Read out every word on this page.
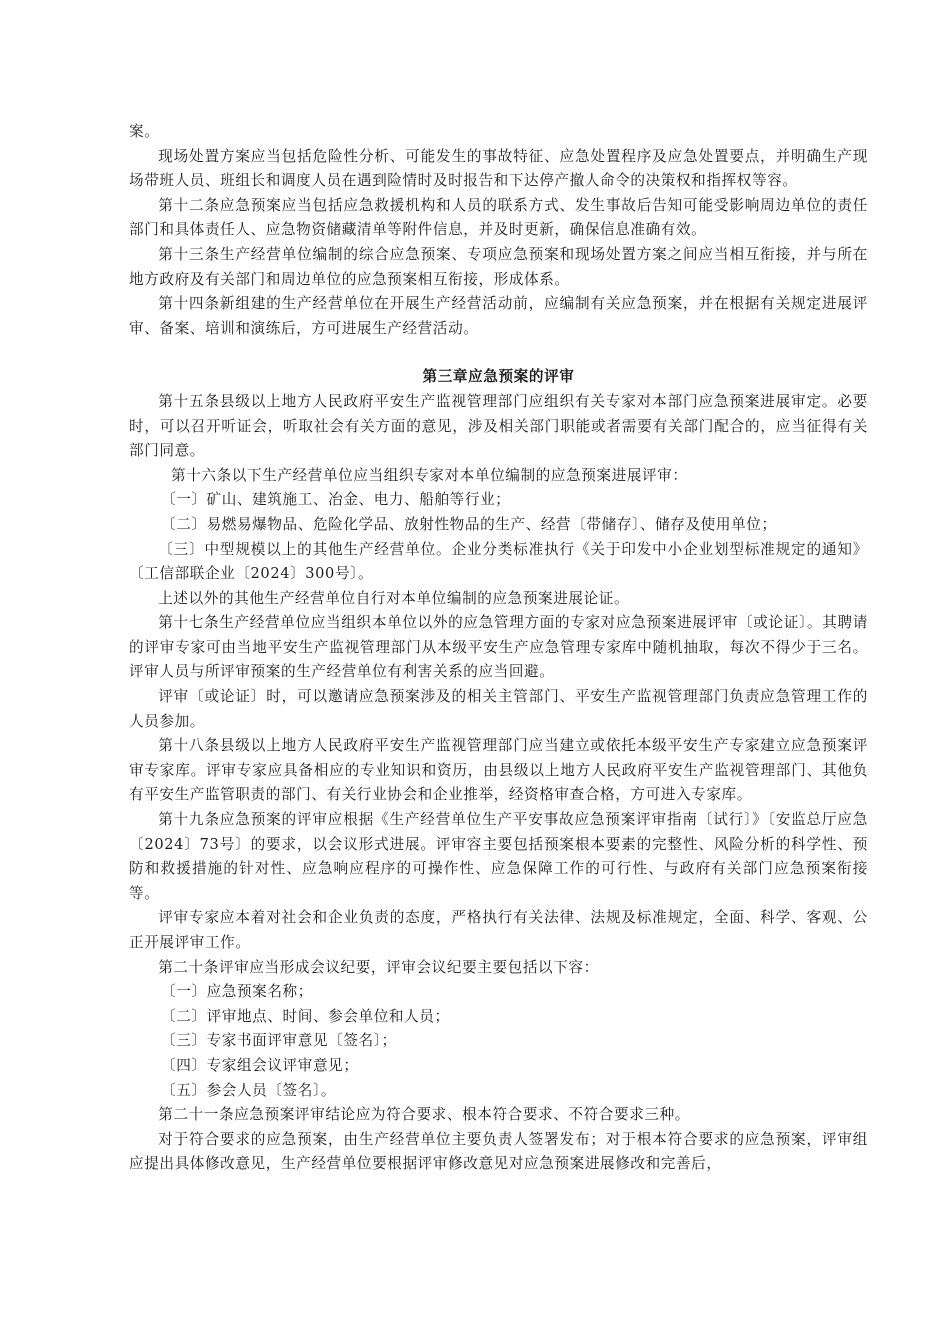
案。

现场处置方案应当包括危险性分析、可能发生的事故特征、应急处置程序及应急处置要点，并明确生产现场带班人员、班组长和调度人员在遇到险情时及时报告和下达停产撤人命令的决策权和指挥权等容。

第十二条应急预案应当包括应急救援机构和人员的联系方式、发生事故后告知可能受影响周边单位的责任部门和具体责任人、应急物资储藏清单等附件信息，并及时更新，确保信息准确有效。

第十三条生产经营单位编制的综合应急预案、专项应急预案和现场处置方案之间应当相互衔接，并与所在地方政府及有关部门和周边单位的应急预案相互衔接，形成体系。

第十四条新组建的生产经营单位在开展生产经营活动前，应编制有关应急预案，并在根据有关规定进展评审、备案、培训和演练后，方可进展生产经营活动。

第三章应急预案的评审

第十五条县级以上地方人民政府平安生产监视管理部门应组织有关专家对本部门应急预案进展审定。必要时，可以召开听证会，听取社会有关方面的意见，涉及相关部门职能或者需要有关部门配合的，应当征得有关部门同意。

第十六条以下生产经营单位应当组织专家对本单位编制的应急预案进展评审：

〔一〕矿山、建筑施工、冶金、电力、船舶等行业；

〔二〕易燃易爆物品、危险化学品、放射性物品的生产、经营〔带储存〕、储存及使用单位；

〔三〕中型规模以上的其他生产经营单位。企业分类标准执行《关于印发中小企业划型标准规定的通知》〔工信部联企业〔2024〕300号〕。

上述以外的其他生产经营单位自行对本单位编制的应急预案进展论证。

第十七条生产经营单位应当组织本单位以外的应急管理方面的专家对应急预案进展评审〔或论证〕。其聘请的评审专家可由当地平安生产监视管理部门从本级平安生产应急管理专家库中随机抽取，每次不得少于三名。评审人员与所评审预案的生产经营单位有利害关系的应当回避。

评审〔或论证〕时，可以邀请应急预案涉及的相关主管部门、平安生产监视管理部门负责应急管理工作的人员参加。

第十八条县级以上地方人民政府平安生产监视管理部门应当建立或依托本级平安生产专家建立应急预案评审专家库。评审专家应具备相应的专业知识和资历，由县级以上地方人民政府平安生产监视管理部门、其他负有平安生产监管职责的部门、有关行业协会和企业推举，经资格审查合格，方可进入专家库。

第十九条应急预案的评审应根据《生产经营单位生产平安事故应急预案评审指南〔试行〕》〔安监总厅应急〔2024〕73号〕的要求，以会议形式进展。评审容主要包括预案根本要素的完整性、风险分析的科学性、预防和救援措施的针对性、应急响应程序的可操作性、应急保障工作的可行性、与政府有关部门应急预案衔接等。

评审专家应本着对社会和企业负责的态度，严格执行有关法律、法规及标准规定，全面、科学、客观、公正开展评审工作。

第二十条评审应当形成会议纪要，评审会议纪要主要包括以下容：

〔一〕应急预案名称；

〔二〕评审地点、时间、参会单位和人员；

〔三〕专家书面评审意见〔签名〕；

〔四〕专家组会议评审意见；

〔五〕参会人员〔签名〕。

第二十一条应急预案评审结论应为符合要求、根本符合要求、不符合要求三种。

对于符合要求的应急预案，由生产经营单位主要负责人签署发布；对于根本符合要求的应急预案，评审组应提出具体修改意见，生产经营单位要根据评审修改意见对应急预案进展修改和完善后，
